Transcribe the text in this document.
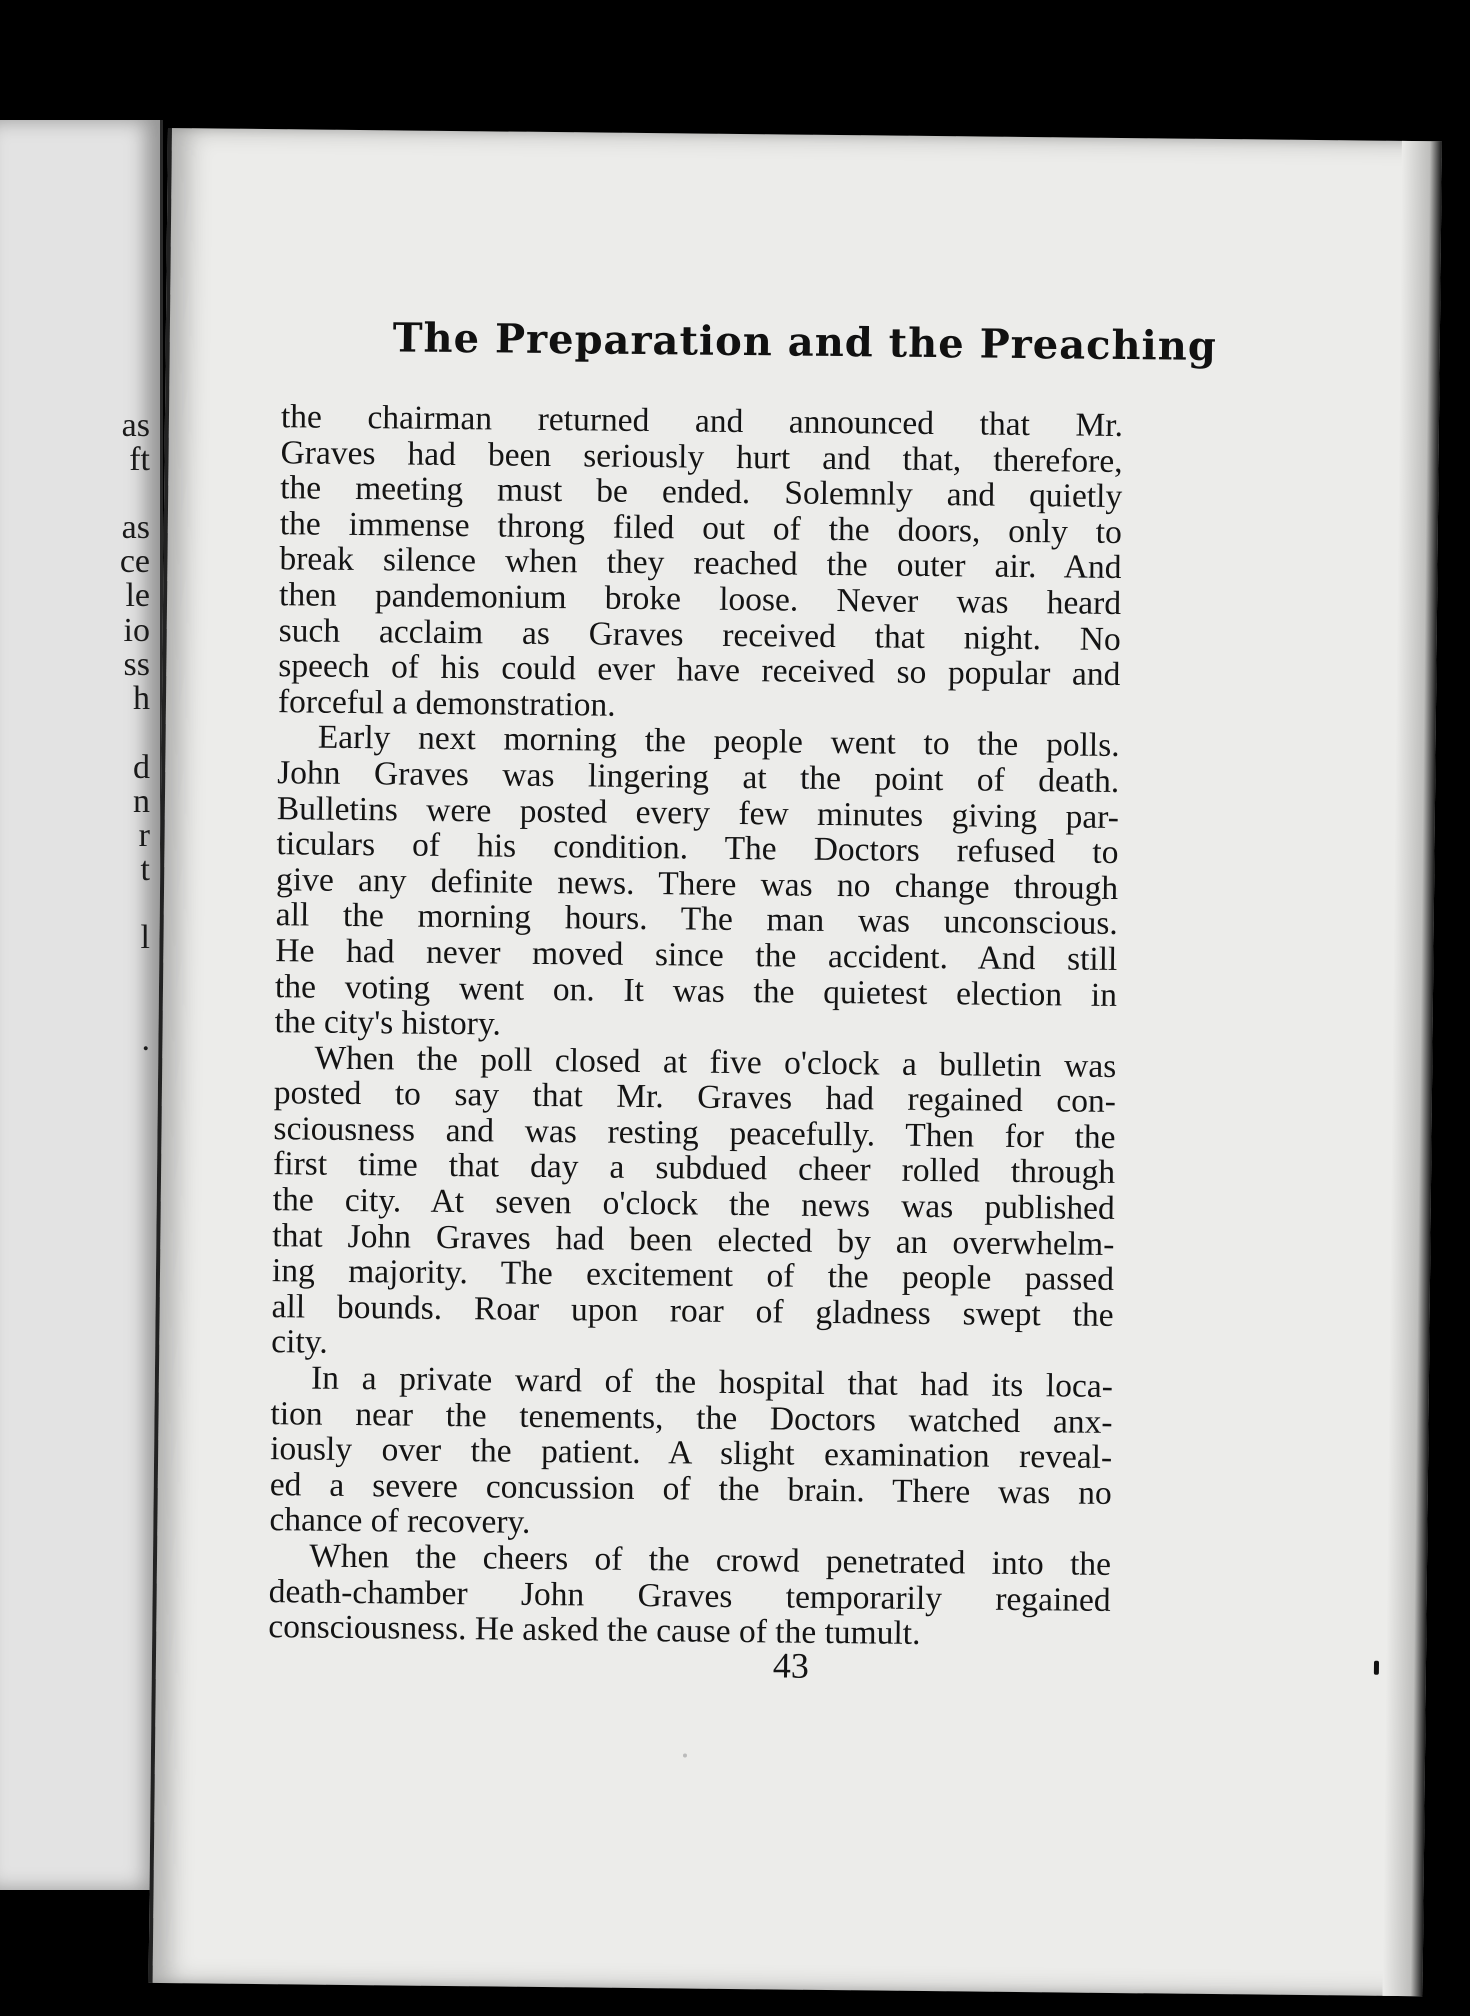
as
ft
as
ce
le
io
ss
h
d
n
r
t
l
.
The Preparation and the Preaching
the chairman returned and announced that Mr.
Graves had been seriously hurt and that, therefore,
the meeting must be ended. Solemnly and quietly
the immense throng filed out of the doors, only to
break silence when they reached the outer air. And
then pandemonium broke loose. Never was heard
such acclaim as Graves received that night. No
speech of his could ever have received so popular and
forceful a demonstration.
Early next morning the people went to the polls.
John Graves was lingering at the point of death.
Bulletins were posted every few minutes giving par-
ticulars of his condition. The Doctors refused to
give any definite news. There was no change through
all the morning hours. The man was unconscious.
He had never moved since the accident. And still
the voting went on. It was the quietest election in
the city's history.
When the poll closed at five o'clock a bulletin was
posted to say that Mr. Graves had regained con-
sciousness and was resting peacefully. Then for the
first time that day a subdued cheer rolled through
the city. At seven o'clock the news was published
that John Graves had been elected by an overwhelm-
ing majority. The excitement of the people passed
all bounds. Roar upon roar of gladness swept the
city.
In a private ward of the hospital that had its loca-
tion near the tenements, the Doctors watched anx-
iously over the patient. A slight examination reveal-
ed a severe concussion of the brain. There was no
chance of recovery.
When the cheers of the crowd penetrated into the
death-chamber John Graves temporarily regained
consciousness. He asked the cause of the tumult.
43
